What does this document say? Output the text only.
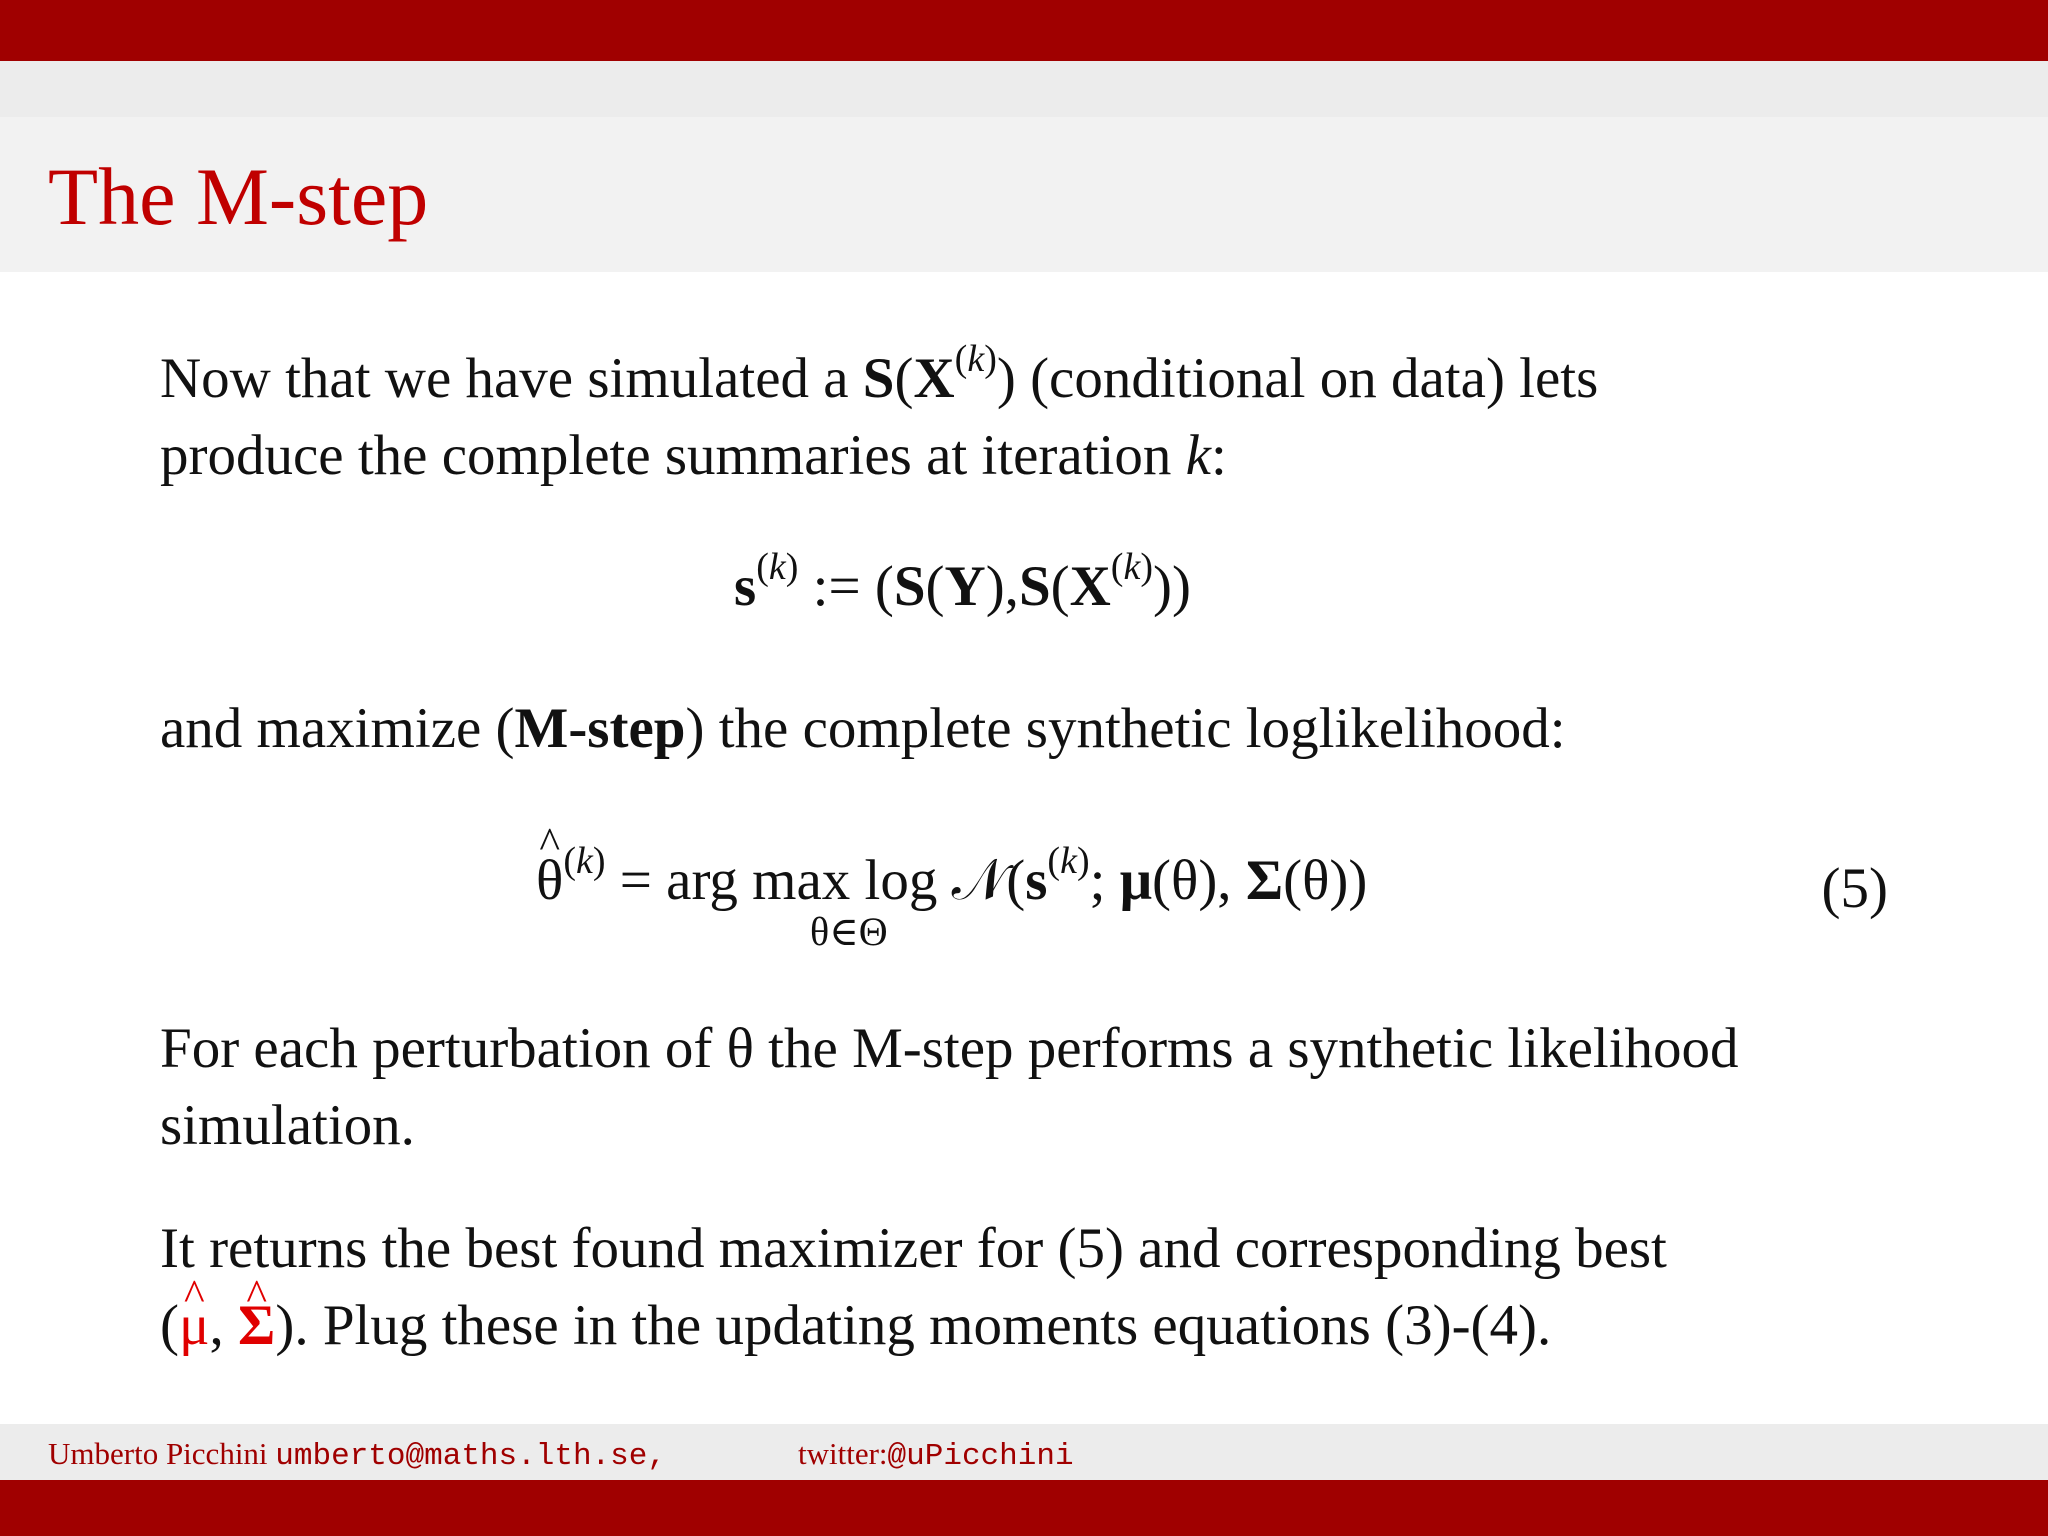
The M-step

Now that we have simulated a $S(X^{(k)})$ (conditional on data) lets
produce the complete summaries at iteration k:

$s^{(k)}$ := $(S(Y),S(X^{(k)}))$

and maximize (M-step) the complete synthetic loglikelihood:

θ ^$^{(k)}$ = arg $\max \log 𝒩(s^{(k)}$; μ(θ), Σ(θ))
θ∈Θ
(5)

For each perturbation of θ the M-step performs a synthetic likelihood
simulation.

It returns the best found maximizer for (5) and corresponding best
(μ ^, Σ ^). Plug these in the updating moments equations (3)-(4).

Umberto Picchini umberto@maths.lth.se,	twitter:@uPicchini
